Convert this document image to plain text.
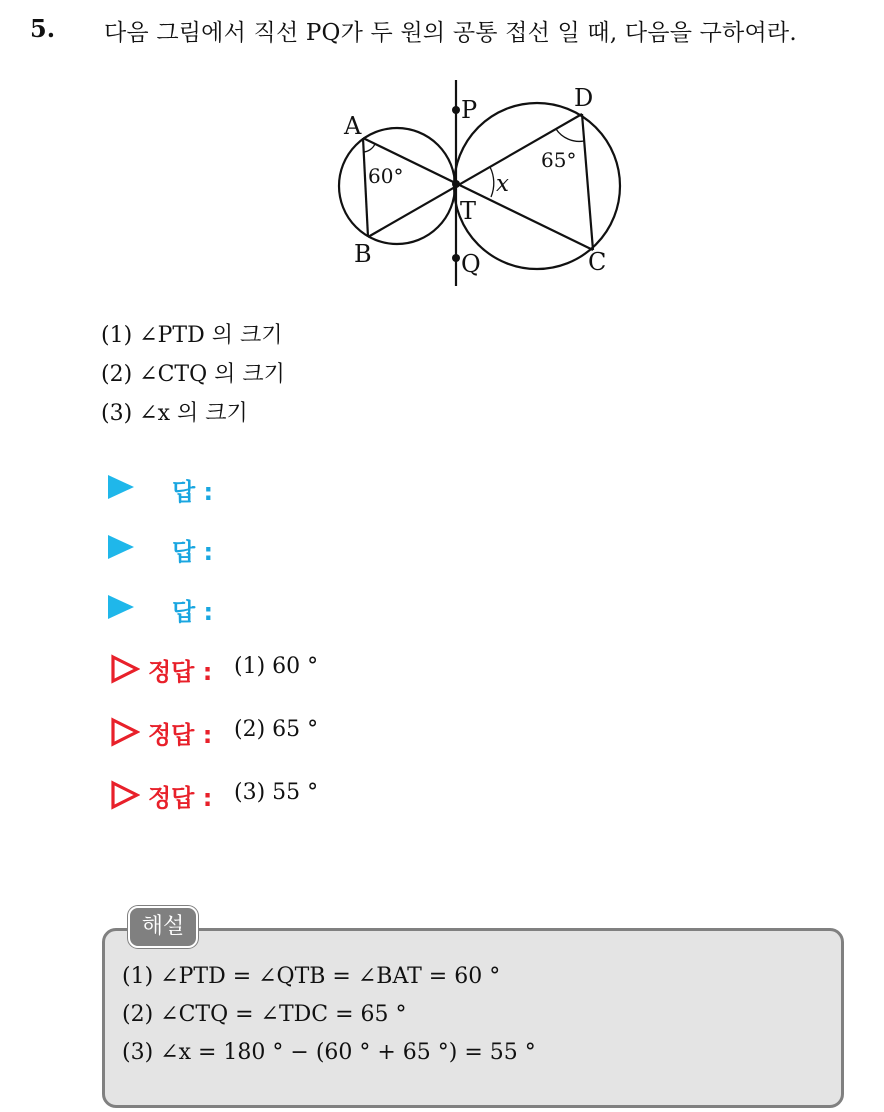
5. 다음 그림에서 직선 PQ가 두 원의 공통 접선 일 때, 다음을 구하여라.
A
B	C
D
P
Q
T
x
60°
65°
(1) ∠PTD 의 크기
(2) ∠CTQ 의 크기
(3) ∠x 의 크기
답 :
답 :
답 :
정답 : (1) 60 °
정답 : (2) 65 °
정답 : (3) 55 °
해설
(1) ∠PTD = ∠QTB = ∠BAT = 60 °
(2) ∠CTQ = ∠TDC = 65 °
(3) ∠x = 180 ° − (60 ° + 65 °) = 55 °
